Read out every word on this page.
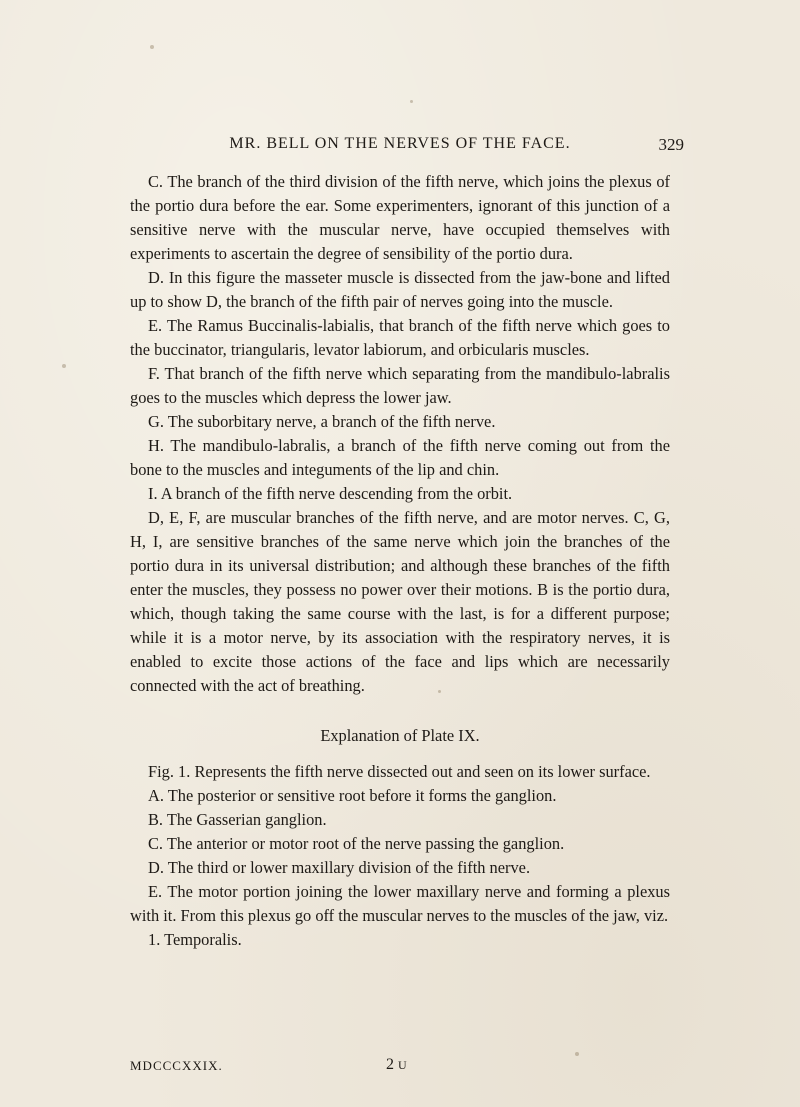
MR. BELL ON THE NERVES OF THE FACE.	329

C. The branch of the third division of the fifth nerve, which joins the plexus of the portio dura before the ear. Some experimenters, ignorant of this junction of a sensitive nerve with the muscular nerve, have occupied themselves with experiments to ascertain the degree of sensibility of the portio dura.

D. In this figure the masseter muscle is dissected from the jaw-bone and lifted up to show D, the branch of the fifth pair of nerves going into the muscle.

E. The Ramus Buccinalis-labialis, that branch of the fifth nerve which goes to the buccinator, triangularis, levator labiorum, and orbicularis muscles.

F. That branch of the fifth nerve which separating from the mandibulo-labralis goes to the muscles which depress the lower jaw.

G. The suborbitary nerve, a branch of the fifth nerve.

H. The mandibulo-labralis, a branch of the fifth nerve coming out from the bone to the muscles and integuments of the lip and chin.

I. A branch of the fifth nerve descending from the orbit.

D, E, F, are muscular branches of the fifth nerve, and are motor nerves. C, G, H, I, are sensitive branches of the same nerve which join the branches of the portio dura in its universal distribution; and although these branches of the fifth enter the muscles, they possess no power over their motions. B is the portio dura, which, though taking the same course with the last, is for a different purpose; while it is a motor nerve, by its association with the respiratory nerves, it is enabled to excite those actions of the face and lips which are necessarily connected with the act of breathing.

Explanation of Plate IX.

Fig. 1. Represents the fifth nerve dissected out and seen on its lower surface.

A. The posterior or sensitive root before it forms the ganglion.

B. The Gasserian ganglion.

C. The anterior or motor root of the nerve passing the ganglion.

D. The third or lower maxillary division of the fifth nerve.

E. The motor portion joining the lower maxillary nerve and forming a plexus with it. From this plexus go off the muscular nerves to the muscles of the jaw, viz.

1. Temporalis.

MDCCCXXIX.	2 U
